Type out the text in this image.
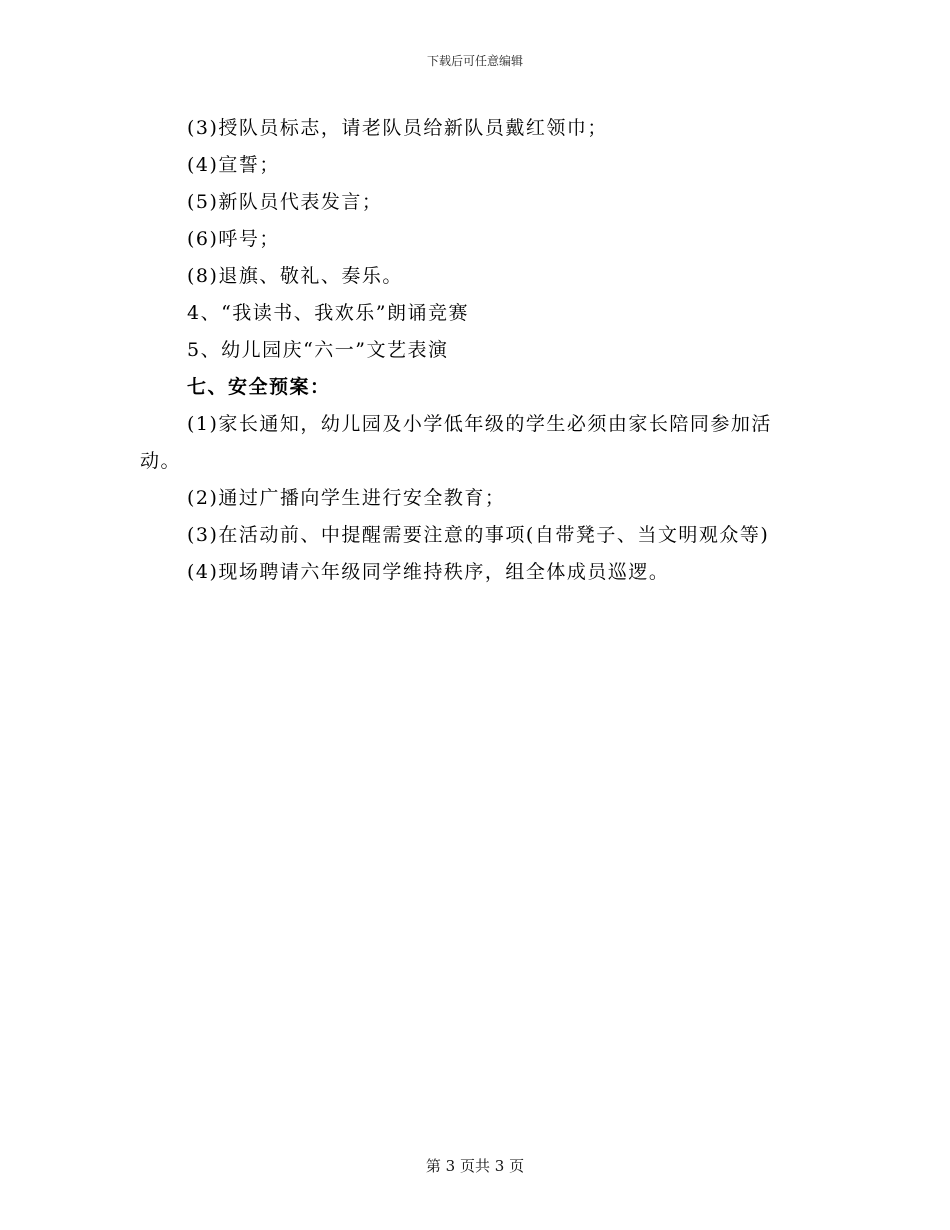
下载后可任意编辑

(3)授队员标志，请老队员给新队员戴红领巾；

(4)宣誓；

(5)新队员代表发言；

(6)呼号；

(8)退旗、敬礼、奏乐。

4、“我读书、我欢乐”朗诵竞赛

5、幼儿园庆“六一”文艺表演

七、安全预案：

(1)家长通知，幼儿园及小学低年级的学生必须由家长陪同参加活动。

(2)通过广播向学生进行安全教育；

(3)在活动前、中提醒需要注意的事项(自带凳子、当文明观众等)

(4)现场聘请六年级同学维持秩序，组全体成员巡逻。

第 3 页共 3 页
